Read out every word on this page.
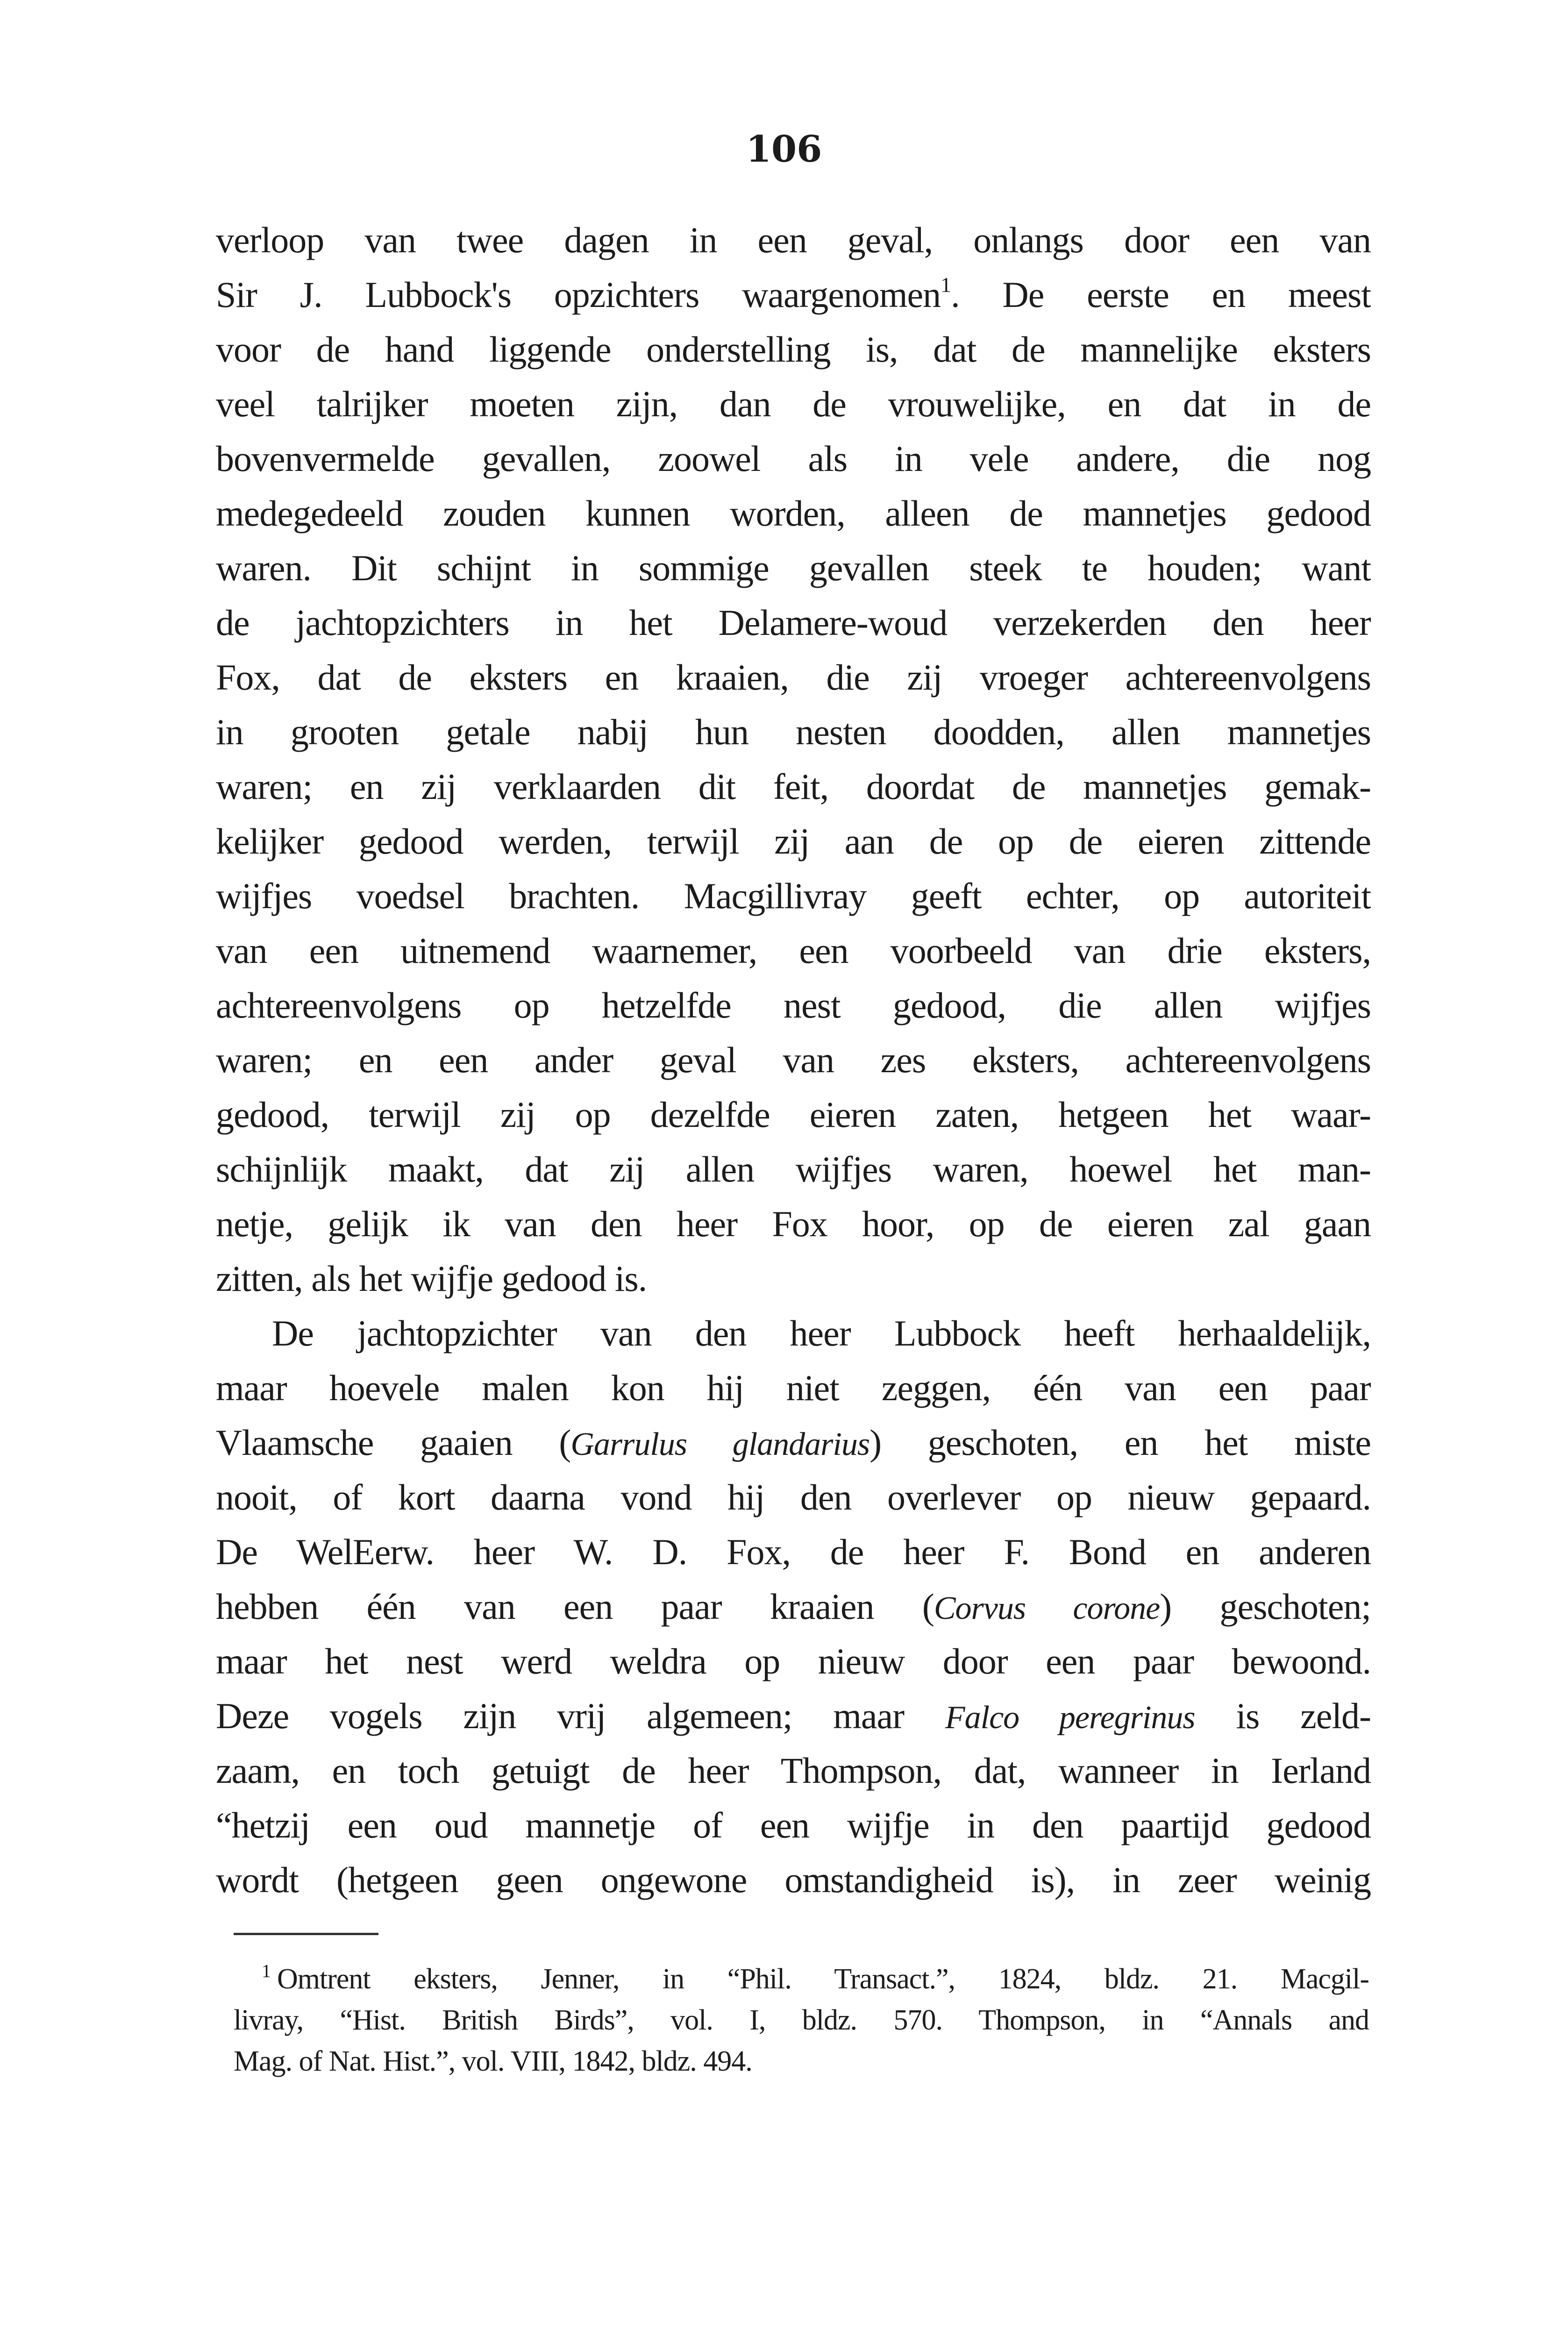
106
verloop van twee dagen in een geval, onlangs door een van
Sir J. Lubbock's opzichters waargenomen$^1$. De eerste en meest
voor de hand liggende onderstelling is, dat de mannelijke eksters
veel talrijker moeten zijn, dan de vrouwelijke, en dat in de
bovenvermelde gevallen, zoowel als in vele andere, die nog
medegedeeld zouden kunnen worden, alleen de mannetjes gedood
waren. Dit schijnt in sommige gevallen steek te houden; want
de jachtopzichters in het Delamere-woud verzekerden den heer
Fox, dat de eksters en kraaien, die zij vroeger achtereenvolgens
in grooten getale nabij hun nesten doodden, allen mannetjes
waren; en zij verklaarden dit feit, doordat de mannetjes gemak-
kelijker gedood werden, terwijl zij aan de op de eieren zittende
wijfjes voedsel brachten. Macgillivray geeft echter, op autoriteit
van een uitnemend waarnemer, een voorbeeld van drie eksters,
achtereenvolgens op hetzelfde nest gedood, die allen wijfjes
waren; en een ander geval van zes eksters, achtereenvolgens
gedood, terwijl zij op dezelfde eieren zaten, hetgeen het waar-
schijnlijk maakt, dat zij allen wijfjes waren, hoewel het man-
netje, gelijk ik van den heer Fox hoor, op de eieren zal gaan
zitten, als het wijfje gedood is.
De jachtopzichter van den heer Lubbock heeft herhaaldelijk,
maar hoevele malen kon hij niet zeggen, één van een paar
Vlaamsche gaaien (Garrulus glandarius) geschoten, en het miste
nooit, of kort daarna vond hij den overlever op nieuw gepaard.
De WelEerw. heer W. D. Fox, de heer F. Bond en anderen
hebben één van een paar kraaien (Corvus corone) geschoten;
maar het nest werd weldra op nieuw door een paar bewoond.
Deze vogels zijn vrij algemeen; maar Falco peregrinus is zeld-
zaam, en toch getuigt de heer Thompson, dat, wanneer in Ierland
“hetzij een oud mannetje of een wijfje in den paartijd gedood
wordt (hetgeen geen ongewone omstandigheid is), in zeer weinig
$^1$ Omtrent eksters, Jenner, in “Phil. Transact.”, 1824, bldz. 21. Macgil-
livray, “Hist. British Birds”, vol. I, bldz. 570. Thompson, in “Annals and
Mag. of Nat. Hist.”, vol. VIII, 1842, bldz. 494.
